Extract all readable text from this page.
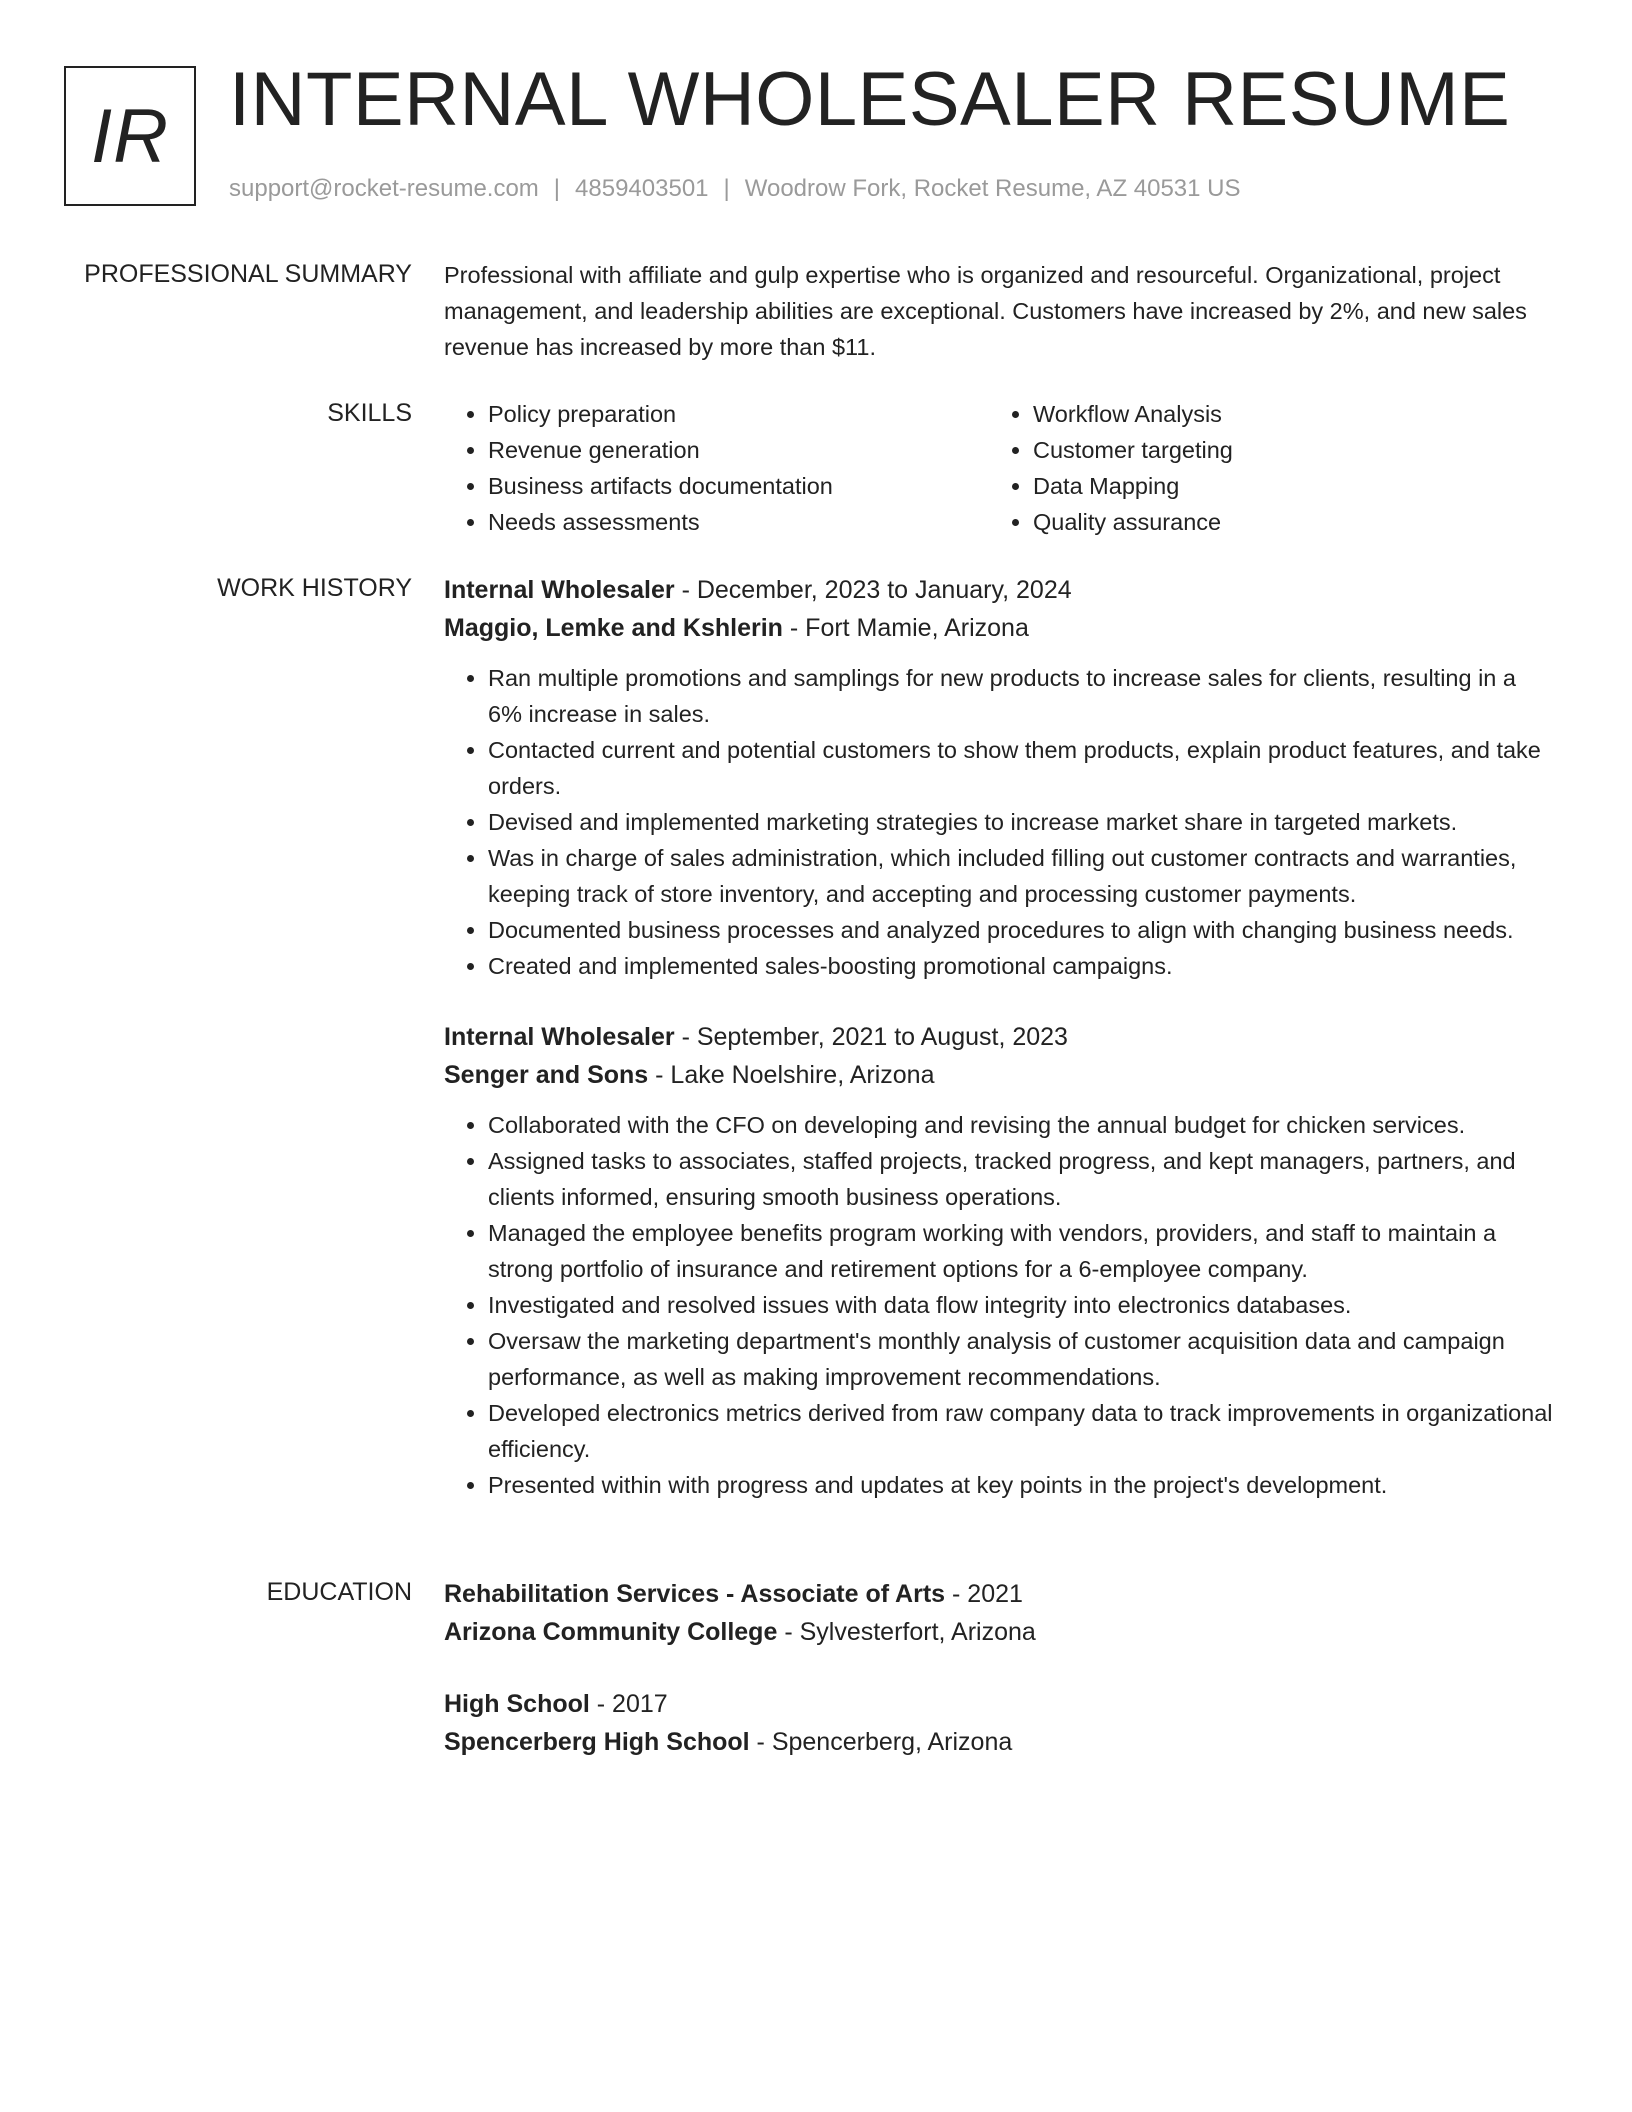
IR INTERNAL WHOLESALER RESUME
support@rocket-resume.com | 4859403501 | Woodrow Fork, Rocket Resume, AZ 40531 US
PROFESSIONAL SUMMARY Professional with affiliate and gulp expertise who is organized and resourceful. Organizational, project management, and leadership abilities are exceptional. Customers have increased by 2%, and new sales revenue has increased by more than $11.

SKILLS
•	Policy preparation
• Revenue generation
• Business artifacts documentation
• Needs assessments
• Workflow Analysis
• Customer targeting
• Data Mapping
• Quality assurance
WORK HISTORY Internal Wholesaler - December, 2023 to January, 2024
Maggio, Lemke and Kshlerin - Fort Mamie, Arizona
• Ran multiple promotions and samplings for new products to increase sales for clients, resulting in a 6% increase in sales.
• Contacted current and potential customers to show them products, explain product features, and take orders.
• Devised and implemented marketing strategies to increase market share in targeted markets.
• Was in charge of sales administration, which included filling out customer contracts and warranties, keeping track of store inventory, and accepting and processing customer payments.
• Documented business processes and analyzed procedures to align with changing business needs.
• Created and implemented sales-boosting promotional campaigns.
Internal Wholesaler - September, 2021 to August, 2023
Senger and Sons - Lake Noelshire, Arizona
• Collaborated with the CFO on developing and revising the annual budget for chicken services.
• Assigned tasks to associates, staffed projects, tracked progress, and kept managers, partners, and clients informed, ensuring smooth business operations.
• Managed the employee benefits program working with vendors, providers, and staff to maintain a strong portfolio of insurance and retirement options for a 6-employee company.
• Investigated and resolved issues with data flow integrity into electronics databases.
• Oversaw the marketing department's monthly analysis of customer acquisition data and campaign performance, as well as making improvement recommendations.
• Developed electronics metrics derived from raw company data to track improvements in organizational efficiency.
• Presented within with progress and updates at key points in the project's development.
EDUCATION Rehabilitation Services - Associate of Arts - 2021
Arizona Community College - Sylvesterfort, Arizona
High School - 2017
Spencerberg High School - Spencerberg, Arizona
